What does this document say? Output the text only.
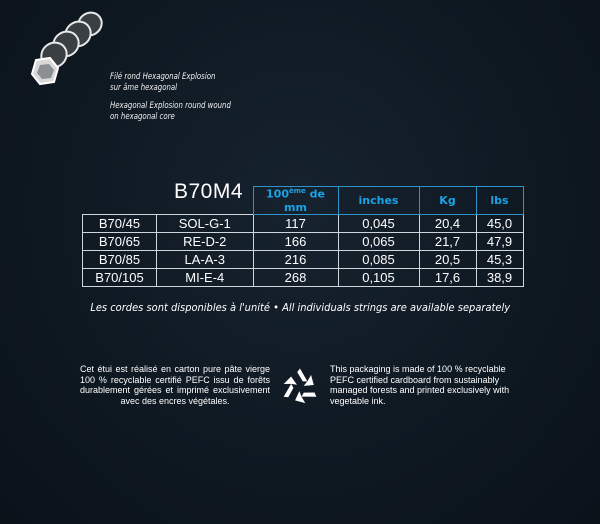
Filé rond Hexagonal Explosion
sur âme hexagonal
Hexagonal Explosion round wound
on hexagonal core
B70M4
		100ème de mm	inches	Kg	lbs
B70/45	SOL-G-1	117	0,045	20,4	45,0
B70/65	RE-D-2	166	0,065	21,7	47,9
B70/85	LA-A-3	216	0,085	20,5	45,3
B70/105	MI-E-4	268	0,105	17,6	38,9
Les cordes sont disponibles à l'unité • All individuals strings are available separately
Cet étui est réalisé en carton pure pâte vierge 100 % recyclable certifié PEFC issu de forêts durablement gérées et imprimé exclusivement avec des encres végétales.
This packaging is made of 100 % recyclable PEFC certified cardboard from sustainably managed forests and printed exclusively with vegetable ink.
